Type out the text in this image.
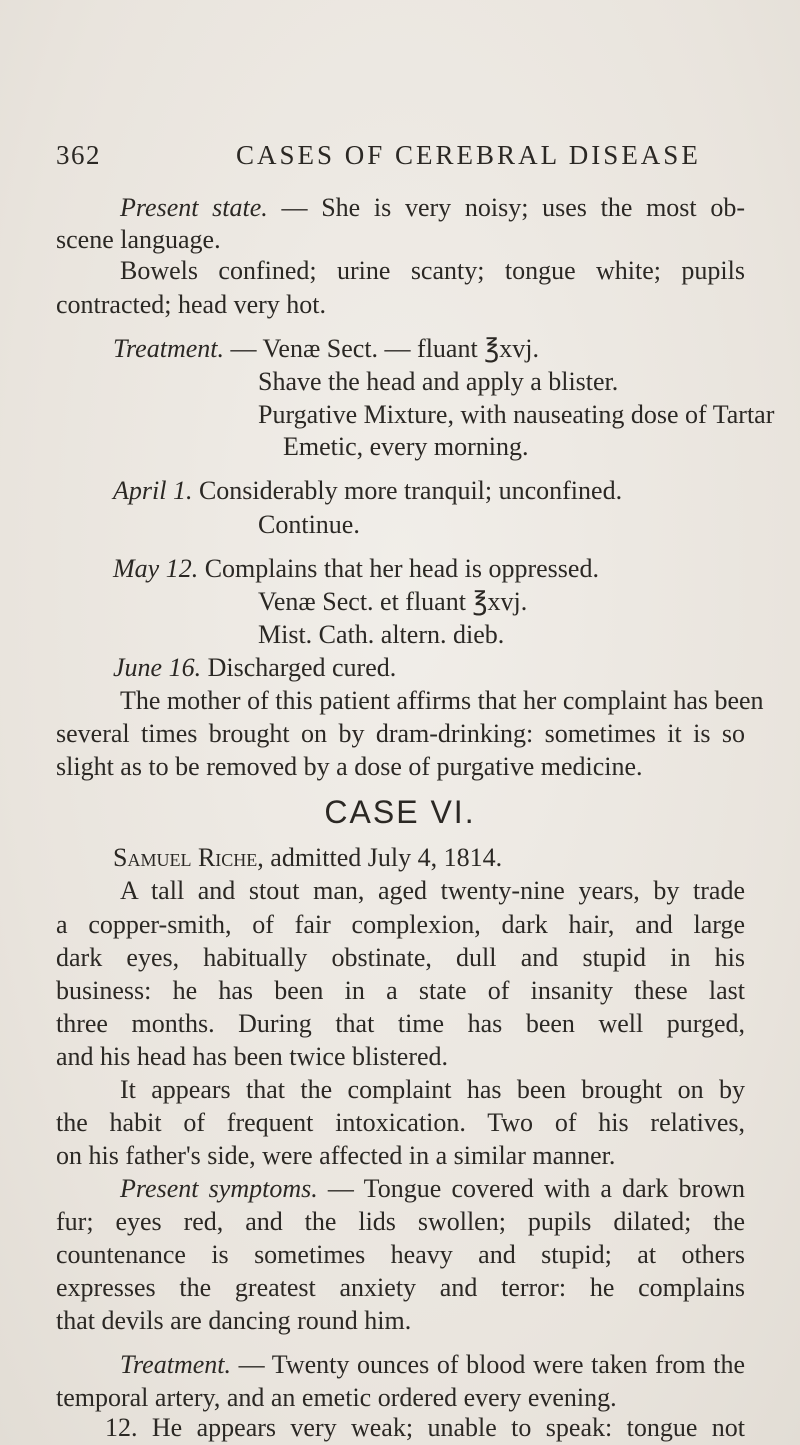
362	CASES OF CEREBRAL DISEASE
Present state. — She is very noisy; uses the most ob-
scene language.
Bowels confined; urine scanty; tongue white; pupils
contracted; head very hot.
Treatment. — Venæ Sect. — fluant ℥xvj.
Shave the head and apply a blister.
Purgative Mixture, with nauseating dose of Tartar
Emetic, every morning.
April 1. Considerably more tranquil; unconfined.
Continue.
May 12. Complains that her head is oppressed.
Venæ Sect. et fluant ℥xvj.
Mist. Cath. altern. dieb.
June 16. Discharged cured.
The mother of this patient affirms that her complaint has been
several times brought on by dram-drinking: sometimes it is so
slight as to be removed by a dose of purgative medicine.
CASE VI.
Samuel Riche, admitted July 4, 1814.
A tall and stout man, aged twenty-nine years, by trade
a copper-smith, of fair complexion, dark hair, and large
dark eyes, habitually obstinate, dull and stupid in his
business: he has been in a state of insanity these last
three months. During that time has been well purged,
and his head has been twice blistered.
It appears that the complaint has been brought on by
the habit of frequent intoxication. Two of his relatives,
on his father's side, were affected in a similar manner.
Present symptoms. — Tongue covered with a dark brown
fur; eyes red, and the lids swollen; pupils dilated; the
countenance is sometimes heavy and stupid; at others
expresses the greatest anxiety and terror: he complains
that devils are dancing round him.
Treatment. — Twenty ounces of blood were taken from the
temporal artery, and an emetic ordered every evening.
12. He appears very weak; unable to speak: tongue not
